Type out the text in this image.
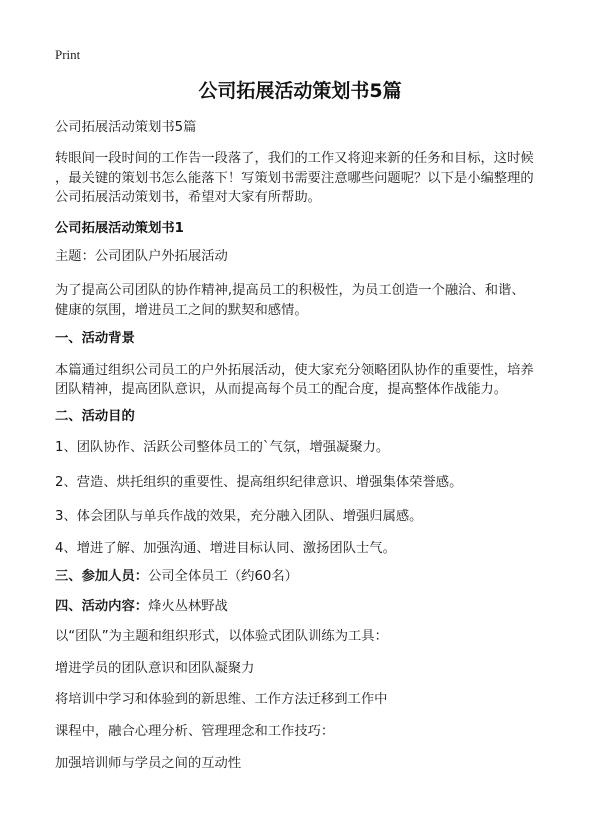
Print
公司拓展活动策划书5篇
公司拓展活动策划书5篇
转眼间一段时间的工作告一段落了，我们的工作又将迎来新的任务和目标，这时候
，最关键的策划书怎么能落下！写策划书需要注意哪些问题呢？以下是小编整理的
公司拓展活动策划书，希望对大家有所帮助。
公司拓展活动策划书1
主题：公司团队户外拓展活动
为了提高公司团队的协作精神,提高员工的积极性，为员工创造一个融洽、和谐、
健康的氛围，增进员工之间的默契和感情。
一、活动背景
本篇通过组织公司员工的户外拓展活动，使大家充分领略团队协作的重要性，培养
团队精神，提高团队意识，从而提高每个员工的配合度，提高整体作战能力。
二、活动目的
1、团队协作、活跃公司整体员工的`气氛，增强凝聚力。
2、营造、烘托组织的重要性、提高组织纪律意识、增强集体荣誉感。
3、体会团队与单兵作战的效果，充分融入团队、增强归属感。
4、增进了解、加强沟通、增进目标认同、激扬团队士气。
三、参加人员：公司全体员工（约60名）
四、活动内容：烽火丛林野战
以“团队”为主题和组织形式，以体验式团队训练为工具：
增进学员的团队意识和团队凝聚力
将培训中学习和体验到的新思维、工作方法迁移到工作中
课程中，融合心理分析、管理理念和工作技巧：
加强培训师与学员之间的互动性
